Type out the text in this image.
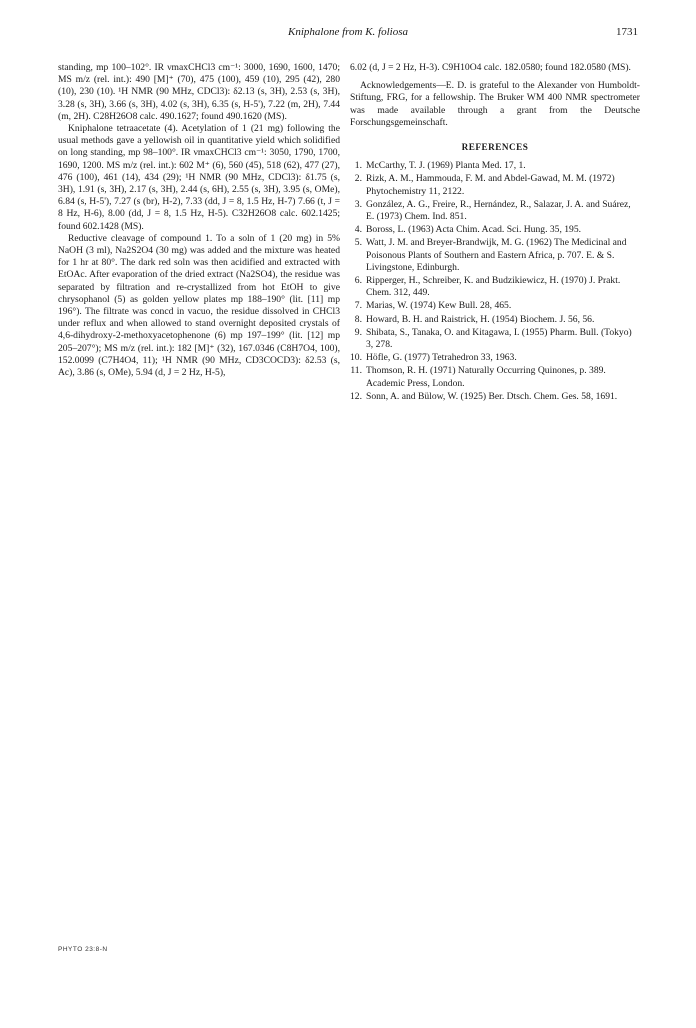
Kniphalone from K. foliosa	1731

standing, mp 100–102°. IR νmaxCHCl3 cm⁻¹: 3000, 1690, 1600, 1470; MS m/z (rel. int.): 490 [M]⁺ (70), 475 (100), 459 (10), 295 (42), 280 (10), 230 (10). ¹H NMR (90 MHz, CDCl3): δ2.13 (s, 3H), 2.53 (s, 3H), 3.28 (s, 3H), 3.66 (s, 3H), 4.02 (s, 3H), 6.35 (s, H-5'), 7.22 (m, 2H), 7.44 (m, 2H). C28H26O8 calc. 490.1627; found 490.1620 (MS).

Kniphalone tetraacetate (4). Acetylation of 1 (21 mg) following the usual methods gave a yellowish oil in quantitative yield which solidified on long standing, mp 98–100°. IR νmaxCHCl3 cm⁻¹: 3050, 1790, 1700, 1690, 1200. MS m/z (rel. int.): 602 M⁺ (6), 560 (45), 518 (62), 477 (27), 476 (100), 461 (14), 434 (29); ¹H NMR (90 MHz, CDCl3): δ1.75 (s, 3H), 1.91 (s, 3H), 2.17 (s, 3H), 2.44 (s, 6H), 2.55 (s, 3H), 3.95 (s, OMe), 6.84 (s, H-5'), 7.27 (s (br), H-2), 7.33 (dd, J = 8, 1.5 Hz, H-7) 7.66 (t, J = 8 Hz, H-6), 8.00 (dd, J = 8, 1.5 Hz, H-5). C32H26O8 calc. 602.1425; found 602.1428 (MS).

Reductive cleavage of compound 1. To a soln of 1 (20 mg) in 5% NaOH (3 ml), Na2S2O4 (30 mg) was added and the mixture was heated for 1 hr at 80°. The dark red soln was then acidified and extracted with EtOAc. After evaporation of the dried extract (Na2SO4), the residue was separated by filtration and re-crystallized from hot EtOH to give chrysophanol (5) as golden yellow plates mp 188–190° (lit. [11] mp 196°). The filtrate was concd in vacuo, the residue dissolved in CHCl3 under reflux and when allowed to stand overnight deposited crystals of 4,6-dihydroxy-2-methoxyacetophenone (6) mp 197–199° (lit. [12] mp 205–207°); MS m/z (rel. int.): 182 [M]⁺ (32), 167.0346 (C8H7O4, 100), 152.0099 (C7H4O4, 11); ¹H NMR (90 MHz, CD3COCD3): δ2.53 (s, Ac), 3.86 (s, OMe), 5.94 (d, J = 2 Hz, H-5),

6.02 (d, J = 2 Hz, H-3). C9H10O4 calc. 182.0580; found 182.0580 (MS).

Acknowledgements—E. D. is grateful to the Alexander von Humboldt-Stiftung, FRG, for a fellowship. The Bruker WM 400 NMR spectrometer was made available through a grant from the Deutsche Forschungsgemeinschaft.

REFERENCES
1. McCarthy, T. J. (1969) Planta Med. 17, 1.
2. Rizk, A. M., Hammouda, F. M. and Abdel-Gawad, M. M. (1972) Phytochemistry 11, 2122.
3. González, A. G., Freire, R., Hernández, R., Salazar, J. A. and Suárez, E. (1973) Chem. Ind. 851.
4. Boross, L. (1963) Acta Chim. Acad. Sci. Hung. 35, 195.
5. Watt, J. M. and Breyer-Brandwijk, M. G. (1962) The Medicinal and Poisonous Plants of Southern and Eastern Africa, p. 707. E. & S. Livingstone, Edinburgh.
6. Ripperger, H., Schreiber, K. and Budzikiewicz, H. (1970) J. Prakt. Chem. 312, 449.
7. Marias, W. (1974) Kew Bull. 28, 465.
8. Howard, B. H. and Raistrick, H. (1954) Biochem. J. 56, 56.
9. Shibata, S., Tanaka, O. and Kitagawa, I. (1955) Pharm. Bull. (Tokyo) 3, 278.
10. Höfle, G. (1977) Tetrahedron 33, 1963.
11. Thomson, R. H. (1971) Naturally Occurring Quinones, p. 389. Academic Press, London.
12. Sonn, A. and Bülow, W. (1925) Ber. Dtsch. Chem. Ges. 58, 1691.
PHYTO 23:8-N
